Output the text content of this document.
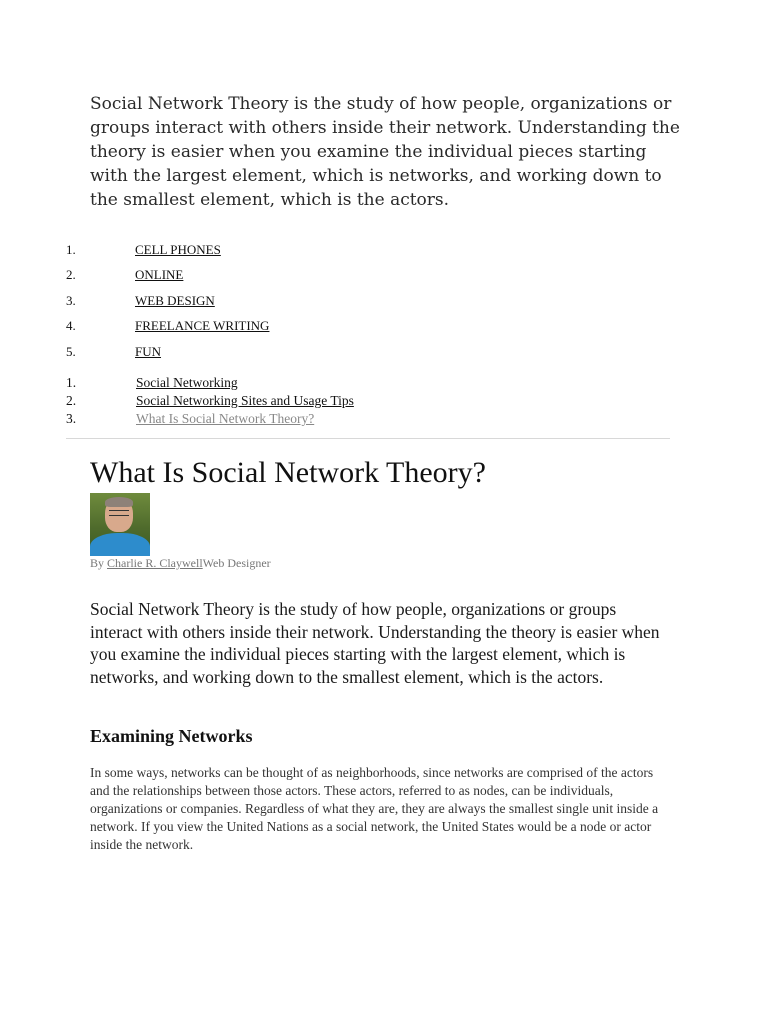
Social Network Theory is the study of how people, organizations or groups interact with others inside their network. Understanding the theory is easier when you examine the individual pieces starting with the largest element, which is networks, and working down to the smallest element, which is the actors.

1.	CELL PHONES
2.	ONLINE
3.	WEB DESIGN
4.	FREELANCE WRITING
5.	FUN
1.	Social Networking
2.	Social Networking Sites and Usage Tips
3.	What Is Social Network Theory?
What Is Social Network Theory?
By Charlie R. ClaywellWeb Designer

Social Network Theory is the study of how people, organizations or groups interact with others inside their network. Understanding the theory is easier when you examine the individual pieces starting with the largest element, which is networks, and working down to the smallest element, which is the actors.

Examining Networks

In some ways, networks can be thought of as neighborhoods, since networks are comprised of the actors and the relationships between those actors. These actors, referred to as nodes, can be individuals, organizations or companies. Regardless of what they are, they are always the smallest single unit inside a network. If you view the United Nations as a social network, the United States would be a node or actor inside the network.
